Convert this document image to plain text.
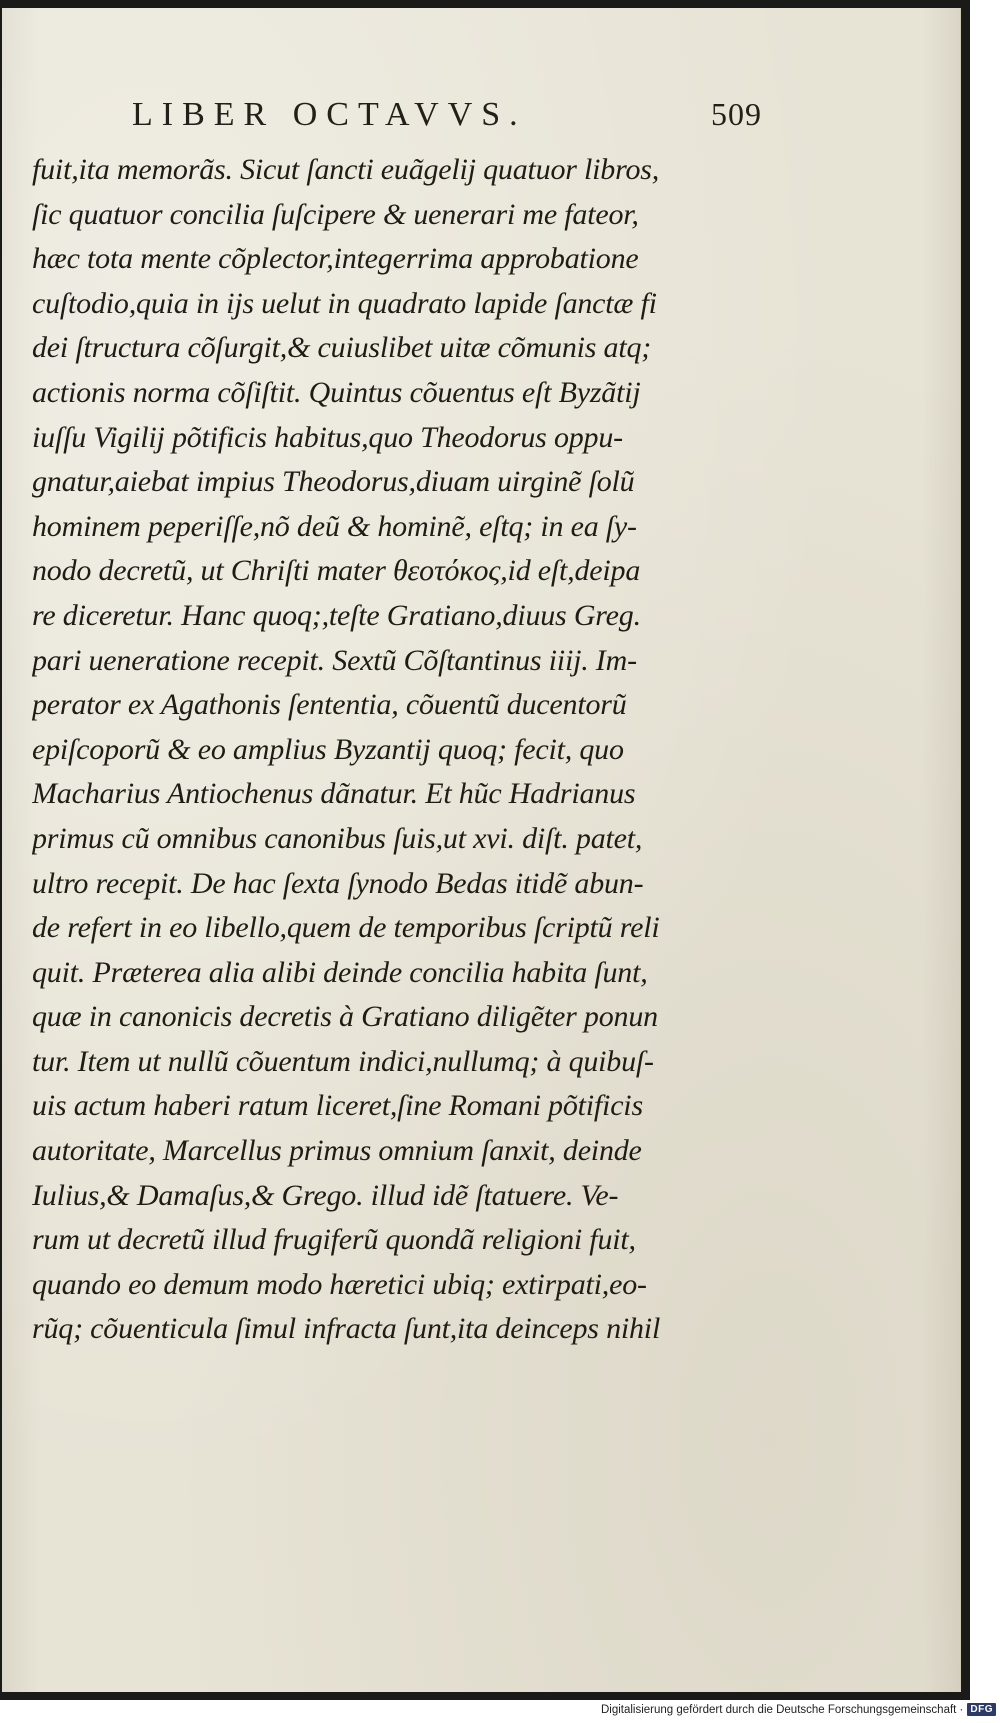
LIBER OCTAVVS.	509
fuit,ita memorãs. Sicut ſancti euãgelij quatuor libros,
ſic quatuor concilia ſuſcipere & uenerari me fateor,
hæc tota mente cõplector,integerrima approbatione
cuſtodio,quia in ijs uelut in quadrato lapide ſanctæ fi
dei ſtructura cõſurgit,& cuiuslibet uitæ cõmunis atq;
actionis norma cõſiſtit. Quintus cõuentus eſt Byzãtij
iuſſu Vigilij põtificis habitus,quo Theodorus oppu-
gnatur,aiebat impius Theodorus,diuam uirginẽ ſolũ
hominem peperiſſe,nõ deũ & hominẽ, eſtq; in ea ſy-
nodo decretũ, ut Chriſti mater θεοτόκος,id eſt,deipa
re diceretur. Hanc quoq;,teſte Gratiano,diuus Greg.
pari ueneratione recepit. Sextũ Cõſtantinus iiij. Im-
perator ex Agathonis ſententia, cõuentũ ducentorũ
epiſcoporũ & eo amplius Byzantij quoq; fecit, quo
Macharius Antiochenus dãnatur. Et hũc Hadrianus
primus cũ omnibus canonibus ſuis,ut xvi. diſt. patet,
ultro recepit. De hac ſexta ſynodo Bedas itidẽ abun-
de refert in eo libello,quem de temporibus ſcriptũ reli
quit. Præterea alia alibi deinde concilia habita ſunt,
quæ in canonicis decretis à Gratiano diligẽter ponun
tur. Item ut nullũ cõuentum indici,nullumq; à quibuſ-
uis actum haberi ratum liceret,ſine Romani põtificis
autoritate, Marcellus primus omnium ſanxit, deinde
Iulius,& Damaſus,& Grego. illud idẽ ſtatuere. Ve-
rum ut decretũ illud frugiferũ quondã religioni fuit,
quando eo demum modo hæretici ubiq; extirpati,eo-
rũq; cõuenticula ſimul infracta ſunt,ita deinceps nihil
Digitalisierung gefördert durch die Deutsche Forschungsgemeinschaft · DFG
